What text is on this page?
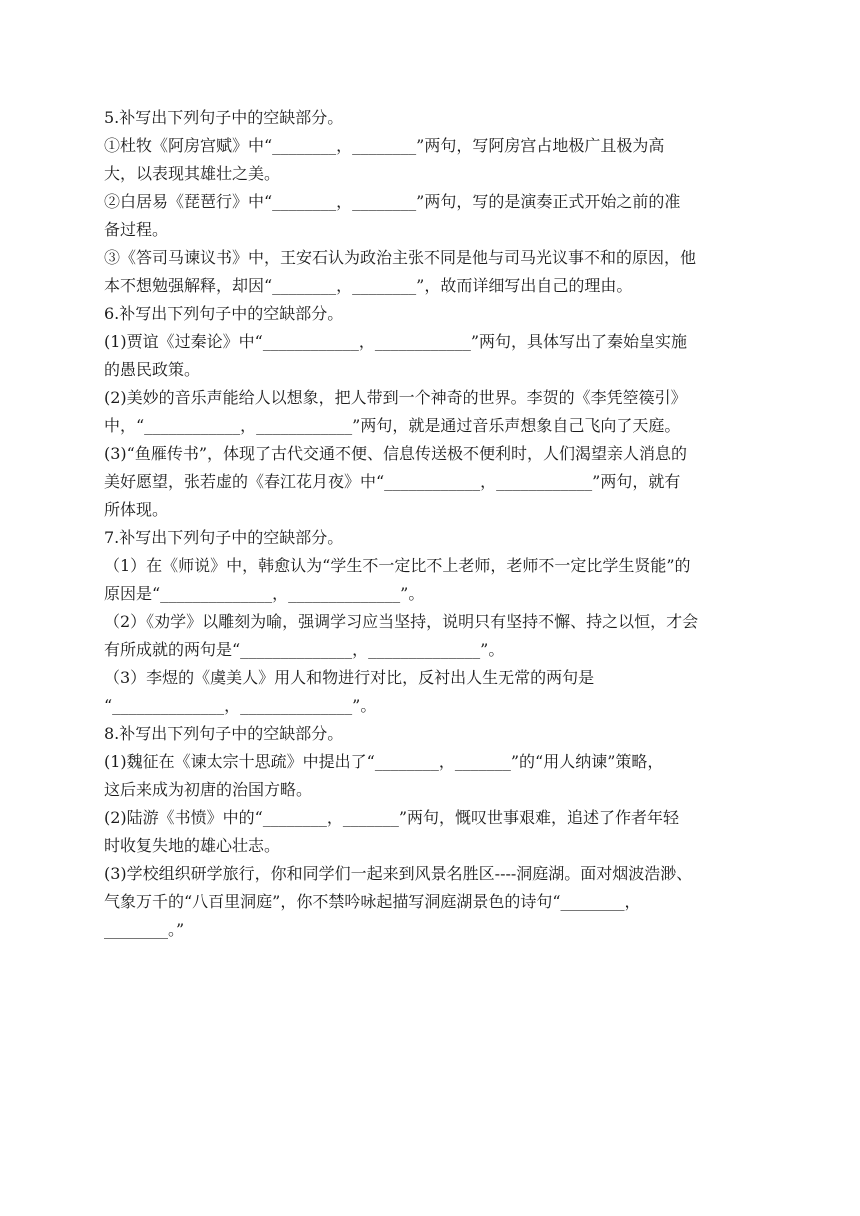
5.补写出下列句子中的空缺部分。
①杜牧《阿房宫赋》中“________，________”两句，写阿房宫占地极广且极为高
大，以表现其雄壮之美。
②白居易《琵琶行》中“________，________”两句，写的是演奏正式开始之前的准
备过程。
③《答司马谏议书》中，王安石认为政治主张不同是他与司马光议事不和的原因，他
本不想勉强解释，却因“________，________”，故而详细写出自己的理由。
6.补写出下列句子中的空缺部分。
(1)贾谊《过秦论》中“____________，____________”两句，具体写出了秦始皇实施
的愚民政策。
(2)美妙的音乐声能给人以想象，把人带到一个神奇的世界。李贺的《李凭箜篌引》
中，“____________，____________”两句，就是通过音乐声想象自己飞向了天庭。
(3)“鱼雁传书”，体现了古代交通不便、信息传送极不便利时，人们渴望亲人消息的
美好愿望，张若虚的《春江花月夜》中“____________，____________”两句，就有
所体现。
7.补写出下列句子中的空缺部分。
（1）在《师说》中，韩愈认为“学生不一定比不上老师，老师不一定比学生贤能”的
原因是“______________，______________”。
（2）《劝学》以雕刻为喻，强调学习应当坚持，说明只有坚持不懈、持之以恒，才会
有所成就的两句是“______________，______________”。
（3）李煜的《虞美人》用人和物进行对比，反衬出人生无常的两句是
“______________，______________”。
8.补写出下列句子中的空缺部分。
(1)魏征在《谏太宗十思疏》中提出了“________，_______”的“用人纳谏”策略，
这后来成为初唐的治国方略。
(2)陆游《书愤》中的“________，_______”两句，慨叹世事艰难，追述了作者年轻
时收复失地的雄心壮志。
(3)学校组织研学旅行，你和同学们一起来到风景名胜区----洞庭湖。面对烟波浩渺、
气象万千的“八百里洞庭”，你不禁吟咏起描写洞庭湖景色的诗句“________，
________。”
